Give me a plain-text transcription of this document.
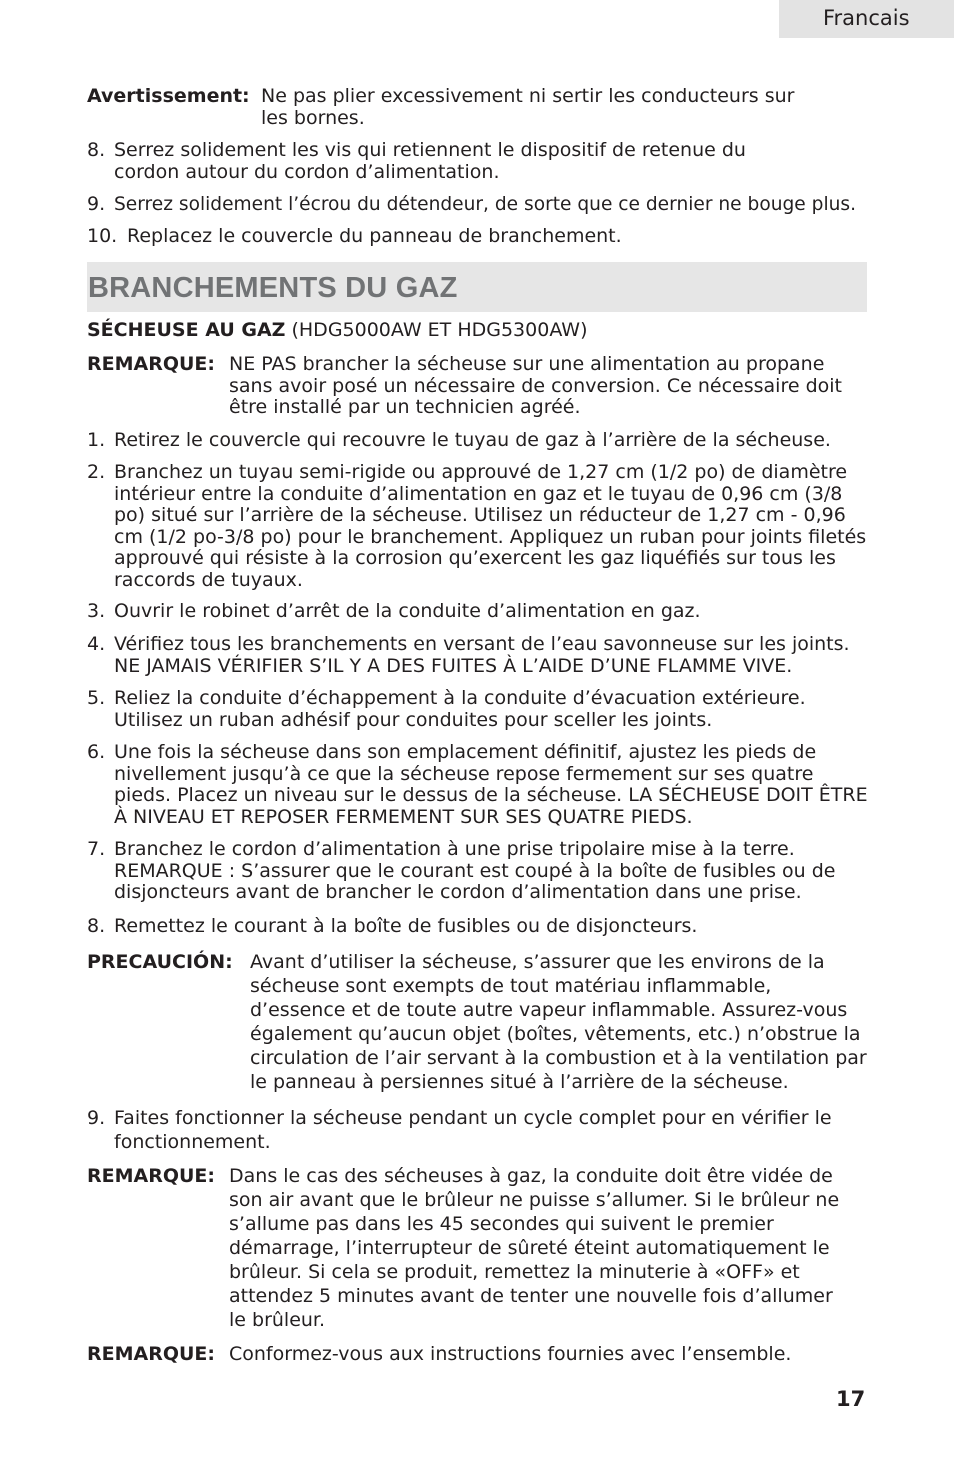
Francais
Avertissement: Ne pas plier excessivement ni sertir les conducteurs sur les bornes.
8. Serrez solidement les vis qui retiennent le dispositif de retenue du cordon autour du cordon d’alimentation.
9. Serrez solidement l’écrou du détendeur, de sorte que ce dernier ne bouge plus.
10. Replacez le couvercle du panneau de branchement.
BRANCHEMENTS DU GAZ
SÉCHEUSE AU GAZ (HDG5000AW ET HDG5300AW)
REMARQUE: NE PAS brancher la sécheuse sur une alimentation au propane sans avoir posé un nécessaire de conversion. Ce nécessaire doit être installé par un technicien agréé.
1. Retirez le couvercle qui recouvre le tuyau de gaz à l’arrière de la sécheuse.
2. Branchez un tuyau semi-rigide ou approuvé de 1,27 cm (1/2 po) de diamètre intérieur entre la conduite d’alimentation en gaz et le tuyau de 0,96 cm (3/8 po) situé sur l’arrière de la sécheuse. Utilisez un réducteur de 1,27 cm - 0,96 cm (1/2 po-3/8 po) pour le branchement. Appliquez un ruban pour joints filetés approuvé qui résiste à la corrosion qu’exercent les gaz liquéfiés sur tous les raccords de tuyaux.
3. Ouvrir le robinet d’arrêt de la conduite d’alimentation en gaz.
4. Vérifiez tous les branchements en versant de l’eau savonneuse sur les joints. NE JAMAIS VÉRIFIER S’IL Y A DES FUITES À L’AIDE D’UNE FLAMME VIVE.
5. Reliez la conduite d’échappement à la conduite d’évacuation extérieure. Utilisez un ruban adhésif pour conduites pour sceller les joints.
6. Une fois la sécheuse dans son emplacement définitif, ajustez les pieds de nivellement jusqu’à ce que la sécheuse repose fermement sur ses quatre pieds. Placez un niveau sur le dessus de la sécheuse. LA SÉCHEUSE DOIT ÊTRE À NIVEAU ET REPOSER FERMEMENT SUR SES QUATRE PIEDS.
7. Branchez le cordon d’alimentation à une prise tripolaire mise à la terre. REMARQUE : S’assurer que le courant est coupé à la boîte de fusibles ou de disjoncteurs avant de brancher le cordon d’alimentation dans une prise.
8. Remettez le courant à la boîte de fusibles ou de disjoncteurs.
PRECAUCIÓN: Avant d’utiliser la sécheuse, s’assurer que les environs de la sécheuse sont exempts de tout matériau inflammable, d’essence et de toute autre vapeur inflammable. Assurez-vous également qu’aucun objet (boîtes, vêtements, etc.) n’obstrue la circulation de l’air servant à la combustion et à la ventilation par le panneau à persiennes situé à l’arrière de la sécheuse.
9. Faites fonctionner la sécheuse pendant un cycle complet pour en vérifier le fonctionnement.
REMARQUE: Dans le cas des sécheuses à gaz, la conduite doit être vidée de son air avant que le brûleur ne puisse s’allumer. Si le brûleur ne s’allume pas dans les 45 secondes qui suivent le premier démarrage, l’interrupteur de sûreté éteint automatiquement le brûleur. Si cela se produit, remettez la minuterie à «OFF» et attendez 5 minutes avant de tenter une nouvelle fois d’allumer le brûleur.
REMARQUE: Conformez-vous aux instructions fournies avec l’ensemble.
17
